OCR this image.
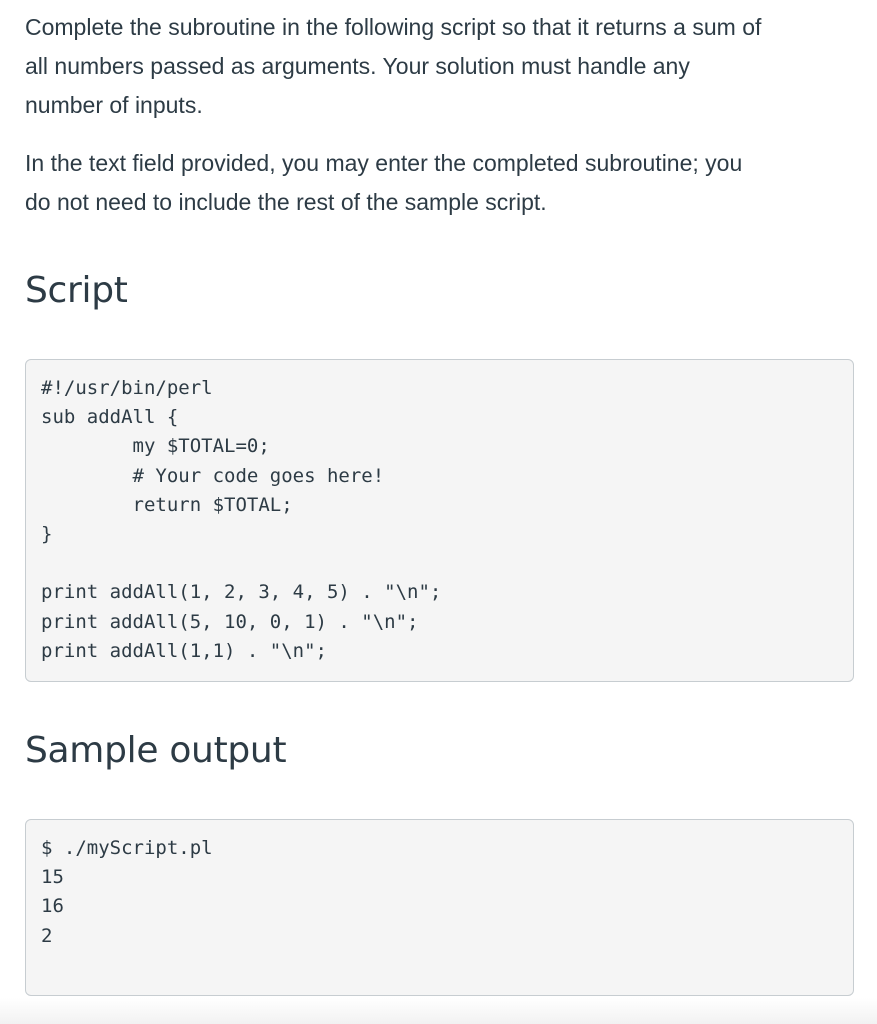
Complete the subroutine in the following script so that it returns a sum of
all numbers passed as arguments. Your solution must handle any
number of inputs.

In the text field provided, you may enter the completed subroutine; you
do not need to include the rest of the sample script.

Script
#!/usr/bin/perl
sub addAll {
my $TOTAL=0;
# Your code goes here!
return $TOTAL;
}

print addAll(1, 2, 3, 4, 5) . "\n";
print addAll(5, 10, 0, 1) . "\n";
print addAll(1,1) . "\n";
Sample output
$ ./myScript.pl
15
16
2
